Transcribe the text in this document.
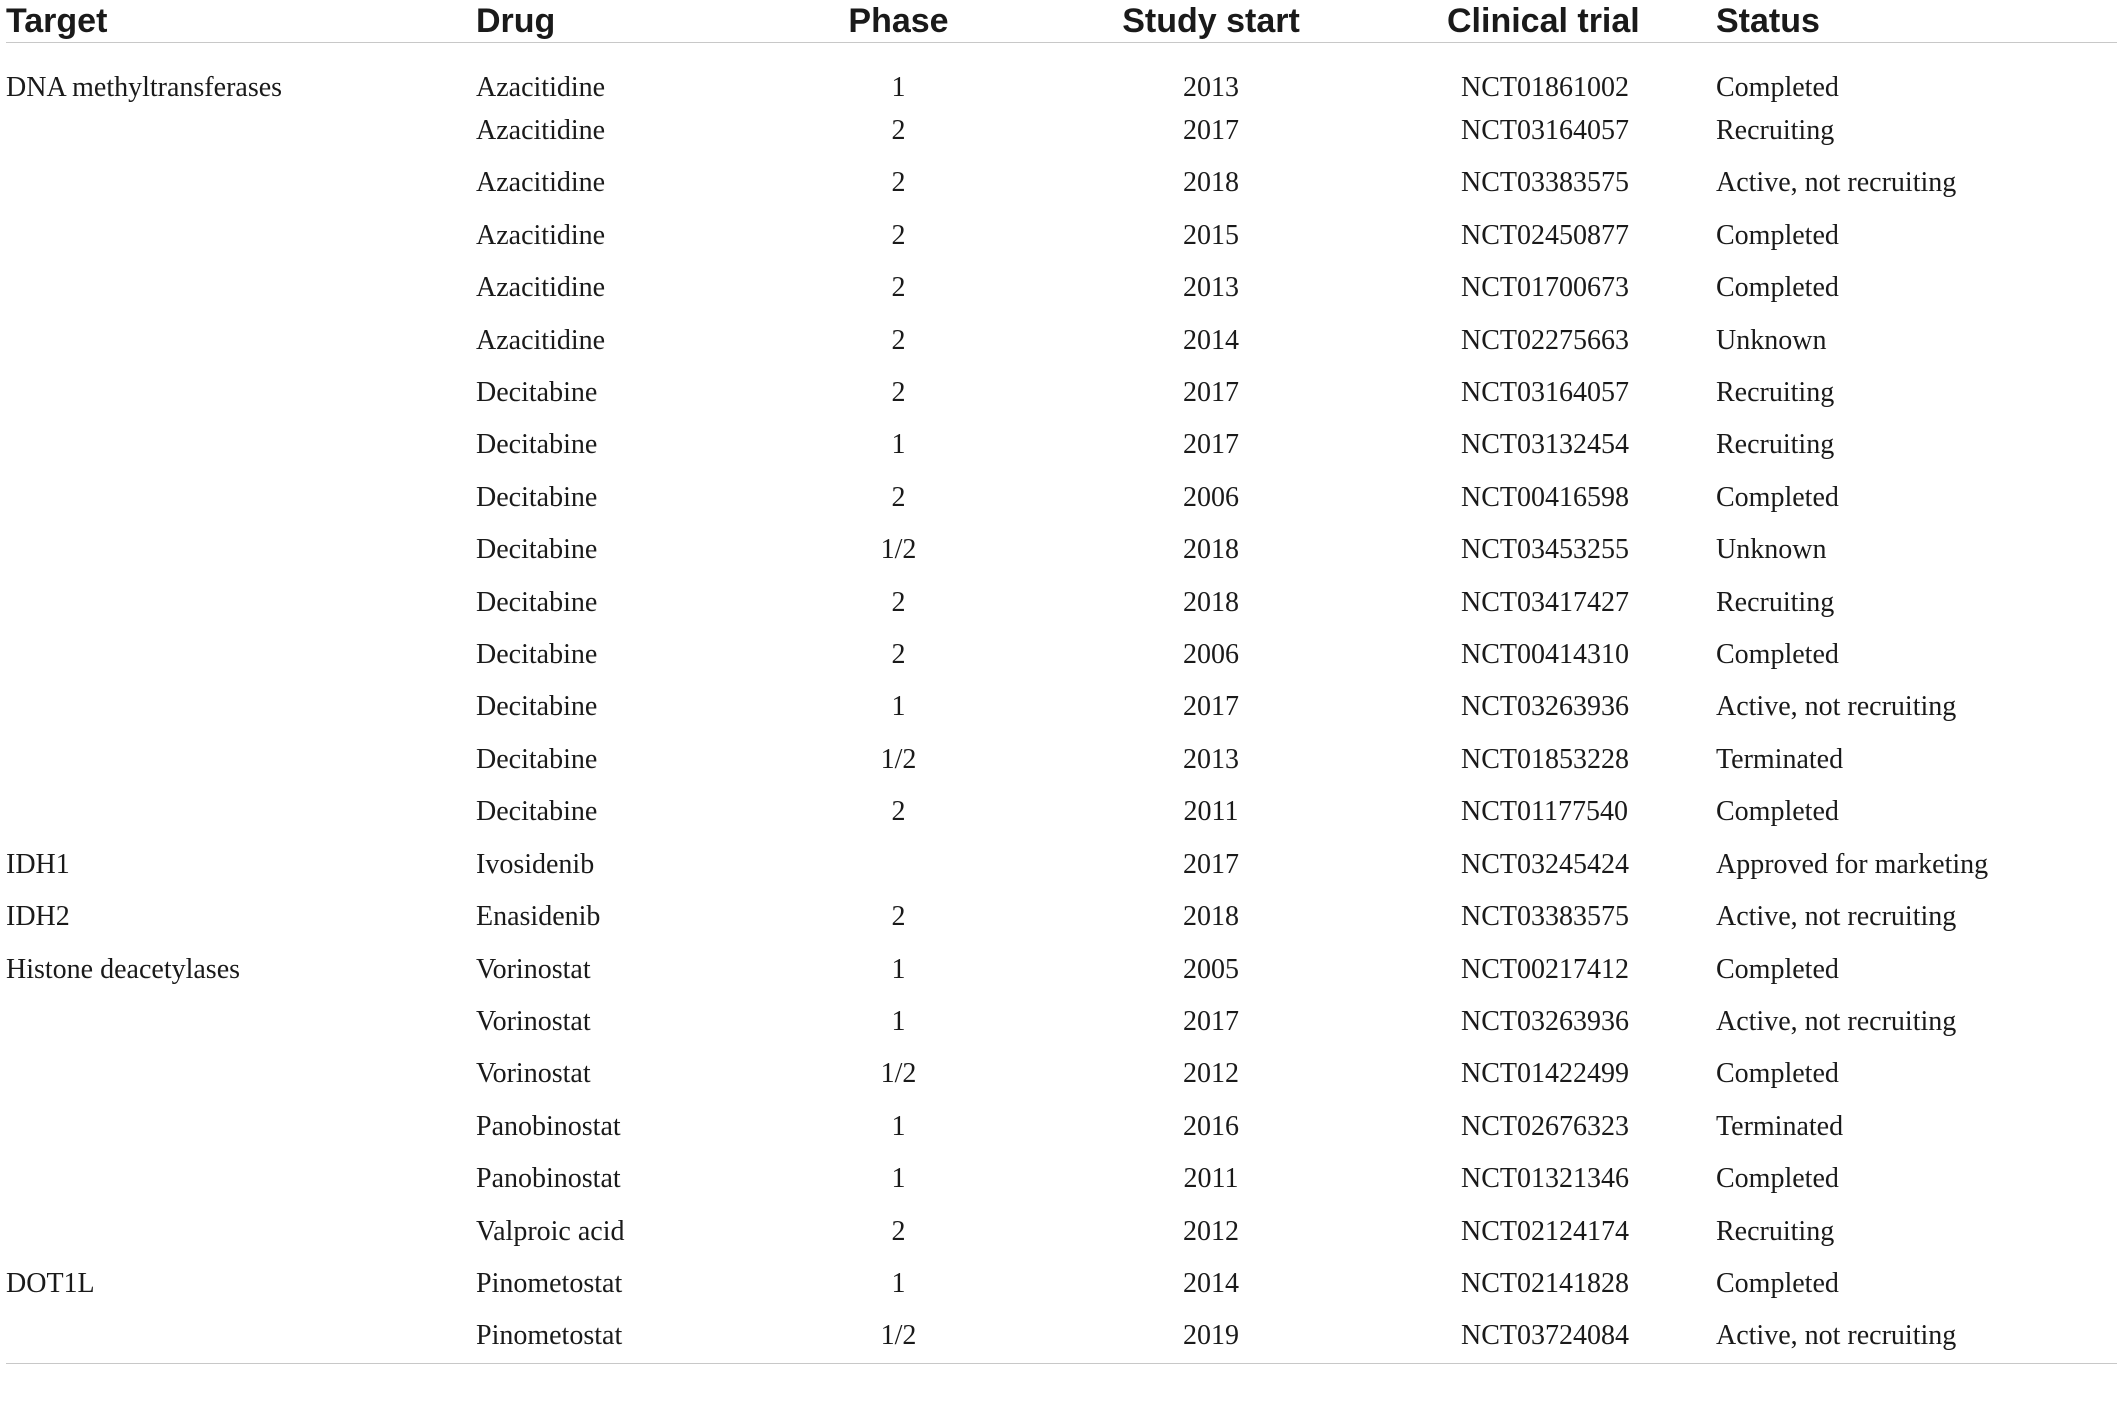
Target	Drug	Phase	Study start	Clinical trial	Status
DNA methyltransferases	Azacitidine	1	2013	NCT01861002	Completed
	Azacitidine	2	2017	NCT03164057	Recruiting
	Azacitidine	2	2018	NCT03383575	Active, not recruiting
	Azacitidine	2	2015	NCT02450877	Completed
	Azacitidine	2	2013	NCT01700673	Completed
	Azacitidine	2	2014	NCT02275663	Unknown
	Decitabine	2	2017	NCT03164057	Recruiting
	Decitabine	1	2017	NCT03132454	Recruiting
	Decitabine	2	2006	NCT00416598	Completed
	Decitabine	1/2	2018	NCT03453255	Unknown
	Decitabine	2	2018	NCT03417427	Recruiting
	Decitabine	2	2006	NCT00414310	Completed
	Decitabine	1	2017	NCT03263936	Active, not recruiting
	Decitabine	1/2	2013	NCT01853228	Terminated
	Decitabine	2	2011	NCT01177540	Completed
IDH1	Ivosidenib		2017	NCT03245424	Approved for marketing
IDH2	Enasidenib	2	2018	NCT03383575	Active, not recruiting
Histone deacetylases	Vorinostat	1	2005	NCT00217412	Completed
	Vorinostat	1	2017	NCT03263936	Active, not recruiting
	Vorinostat	1/2	2012	NCT01422499	Completed
	Panobinostat	1	2016	NCT02676323	Terminated
	Panobinostat	1	2011	NCT01321346	Completed
	Valproic acid	2	2012	NCT02124174	Recruiting
DOT1L	Pinometostat	1	2014	NCT02141828	Completed
	Pinometostat	1/2	2019	NCT03724084	Active, not recruiting
